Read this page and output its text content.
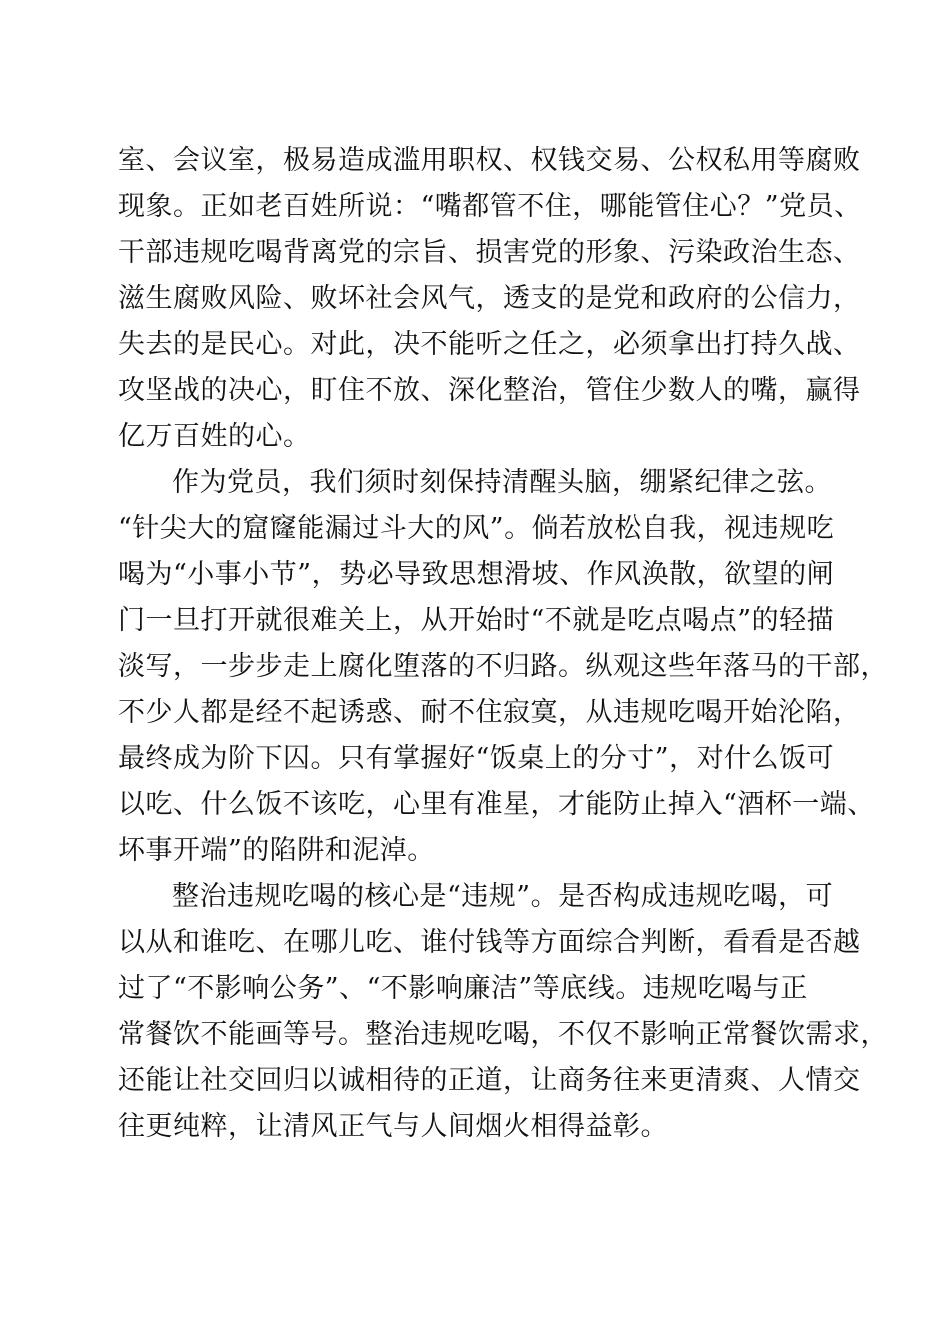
室、会议室，极易造成滥用职权、权钱交易、公权私用等腐败
现象。正如老百姓所说：“嘴都管不住，哪能管住心？”党员、
干部违规吃喝背离党的宗旨、损害党的形象、污染政治生态、
滋生腐败风险、败坏社会风气，透支的是党和政府的公信力，
失去的是民心。对此，决不能听之任之，必须拿出打持久战、
攻坚战的决心，盯住不放、深化整治，管住少数人的嘴，赢得
亿万百姓的心。
作为党员，我们须时刻保持清醒头脑，绷紧纪律之弦。
“针尖大的窟窿能漏过斗大的风”。倘若放松自我，视违规吃
喝为“小事小节”，势必导致思想滑坡、作风涣散，欲望的闸
门一旦打开就很难关上，从开始时“不就是吃点喝点”的轻描
淡写，一步步走上腐化堕落的不归路。纵观这些年落马的干部，
不少人都是经不起诱惑、耐不住寂寞，从违规吃喝开始沦陷，
最终成为阶下囚。只有掌握好“饭桌上的分寸”，对什么饭可
以吃、什么饭不该吃，心里有准星，才能防止掉入“酒杯一端、
坏事开端”的陷阱和泥淖。
整治违规吃喝的核心是“违规”。是否构成违规吃喝，可
以从和谁吃、在哪儿吃、谁付钱等方面综合判断，看看是否越
过了“不影响公务”、“不影响廉洁”等底线。违规吃喝与正
常餐饮不能画等号。整治违规吃喝，不仅不影响正常餐饮需求，
还能让社交回归以诚相待的正道，让商务往来更清爽、人情交
往更纯粹，让清风正气与人间烟火相得益彰。
